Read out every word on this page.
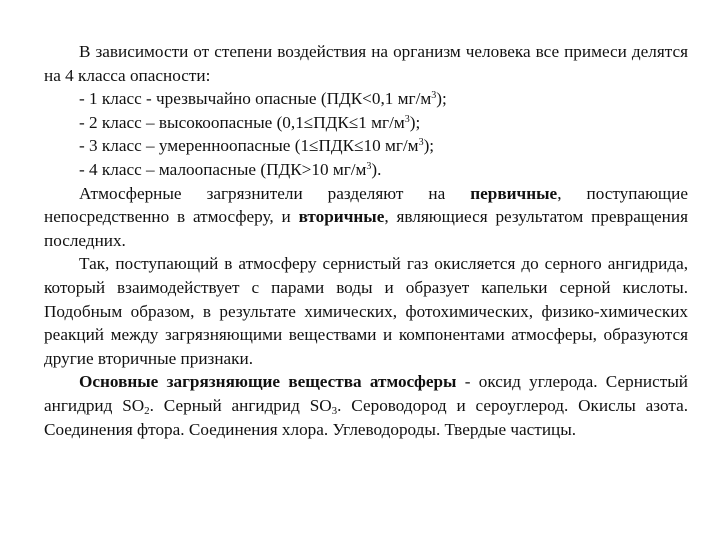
В зависимости от степени воздействия на организм человека все примеси делятся на 4 класса опасности:

- 1 класс - чрезвычайно опасные (ПДК<0,1 $мг/м^3$);

- 2 класс – высокоопасные (0,1≤ПДК≤1 $мг/м^3$);

- 3 класс – умеренноопасные (1≤ПДК≤10 $мг/м^3$);

- 4 класс – малоопасные (ПДК>10 $мг/м^3$).

Атмосферные загрязнители разделяют на первичные, поступающие непосредственно в атмосферу, и вторичные, являющиеся результатом превращения последних.

Так, поступающий в атмосферу сернистый газ окисляется до серного ангидрида, который взаимодействует с парами воды и образует капельки серной кислоты. Подобным образом, в результате химических, фотохимических, физико-химических реакций между загрязняющими веществами и компонентами атмосферы, образуются другие вторичные признаки.

Основные загрязняющие вещества атмосферы - оксид углерода. Сернистый ангидрид $SO_2$. Серный ангидрид $SO_3$. Сероводород и сероуглерод. Окислы азота. Соединения фтора. Соединения хлора. Углеводороды. Твердые частицы.
